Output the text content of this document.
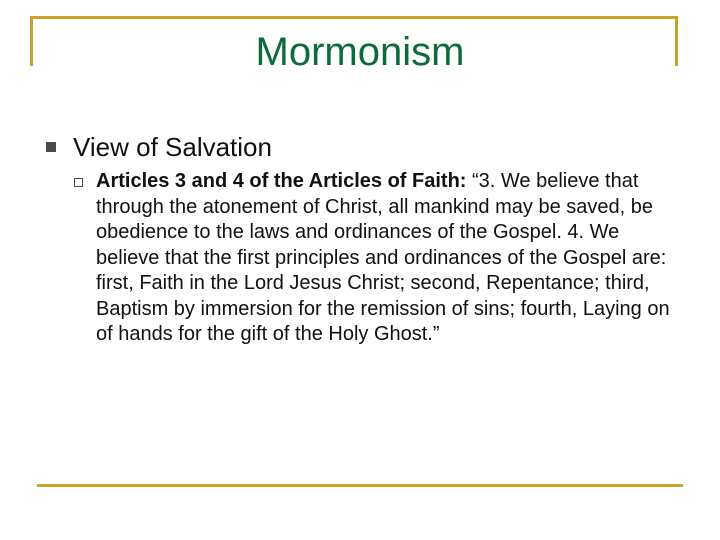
Mormonism
View of Salvation
Articles 3 and 4 of the Articles of Faith: “3. We believe that through the atonement of Christ, all mankind may be saved, be obedience to the laws and ordinances of the Gospel. 4. We believe that the first principles and ordinances of the Gospel are: first, Faith in the Lord Jesus Christ; second, Repentance; third, Baptism by immersion for the remission of sins; fourth, Laying on of hands for the gift of the Holy Ghost.”
